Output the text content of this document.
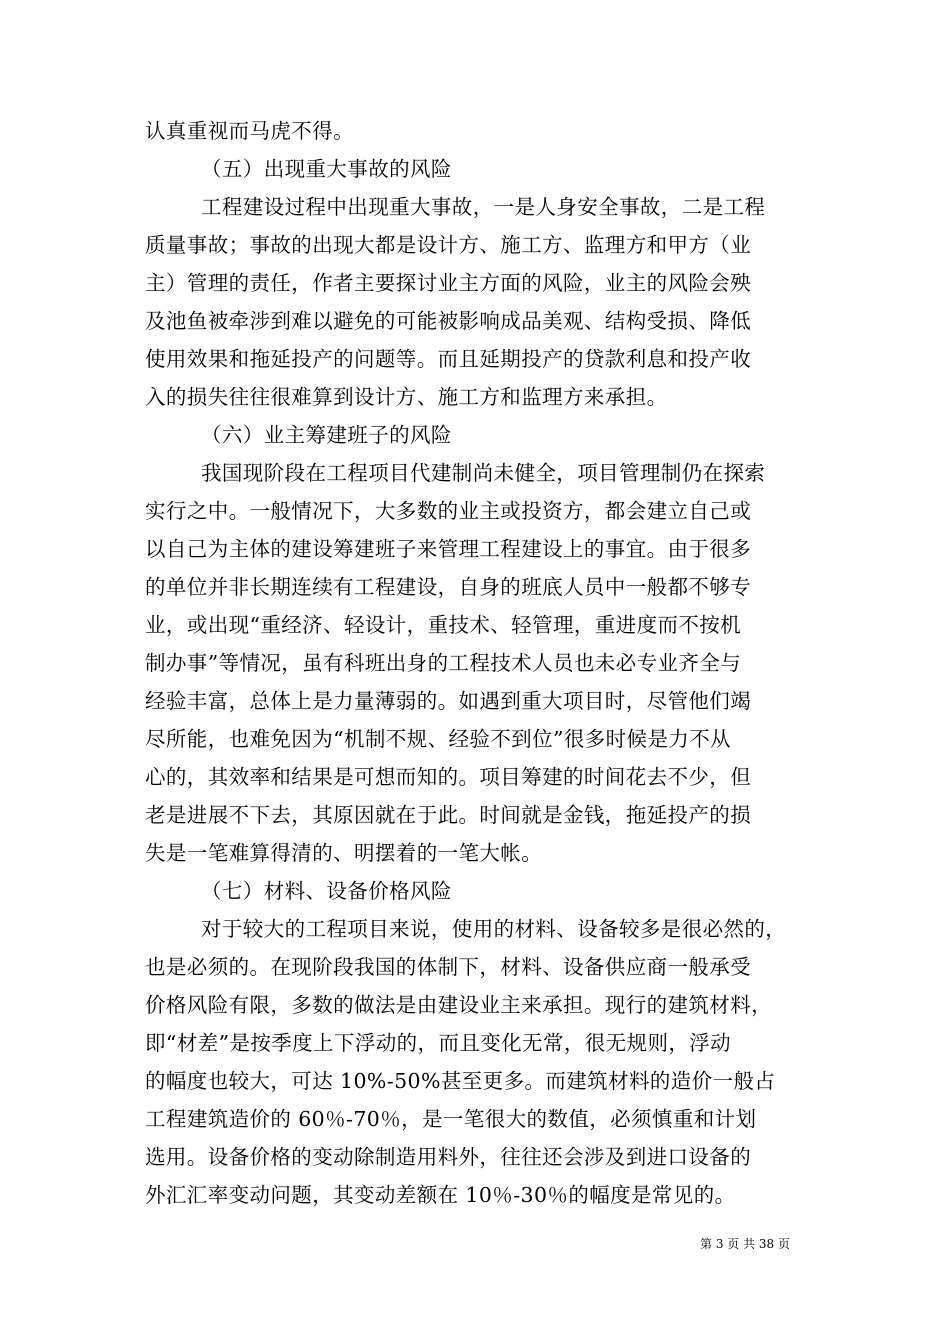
认真重视而马虎不得。
（五）出现重大事故的风险
工程建设过程中出现重大事故，一是人身安全事故，二是工程
质量事故；事故的出现大都是设计方、施工方、监理方和甲方（业
主）管理的责任，作者主要探讨业主方面的风险，业主的风险会殃
及池鱼被牵涉到难以避免的可能被影响成品美观、结构受损、降低
使用效果和拖延投产的问题等。而且延期投产的贷款利息和投产收
入的损失往往很难算到设计方、施工方和监理方来承担。
（六）业主筹建班子的风险
我国现阶段在工程项目代建制尚未健全，项目管理制仍在探索
实行之中。一般情况下，大多数的业主或投资方，都会建立自己或
以自己为主体的建设筹建班子来管理工程建设上的事宜。由于很多
的单位并非长期连续有工程建设，自身的班底人员中一般都不够专
业，或出现“重经济、轻设计，重技术、轻管理，重进度而不按机
制办事”等情况，虽有科班出身的工程技术人员也未必专业齐全与
经验丰富，总体上是力量薄弱的。如遇到重大项目时，尽管他们竭
尽所能，也难免因为“机制不规、经验不到位”很多时候是力不从
心的，其效率和结果是可想而知的。项目筹建的时间花去不少，但
老是进展不下去，其原因就在于此。时间就是金钱，拖延投产的损
失是一笔难算得清的、明摆着的一笔大帐。
（七）材料、设备价格风险
对于较大的工程项目来说，使用的材料、设备较多是很必然的，
也是必须的。在现阶段我国的体制下，材料、设备供应商一般承受
价格风险有限，多数的做法是由建设业主来承担。现行的建筑材料，
即“材差”是按季度上下浮动的，而且变化无常，很无规则，浮动
的幅度也较大，可达 10%-50%甚至更多。而建筑材料的造价一般占
工程建筑造价的 60％-70％，是一笔很大的数值，必须慎重和计划
选用。设备价格的变动除制造用料外，往往还会涉及到进口设备的
外汇汇率变动问题，其变动差额在 10％-30％的幅度是常见的。
第 3 页 共 38 页
